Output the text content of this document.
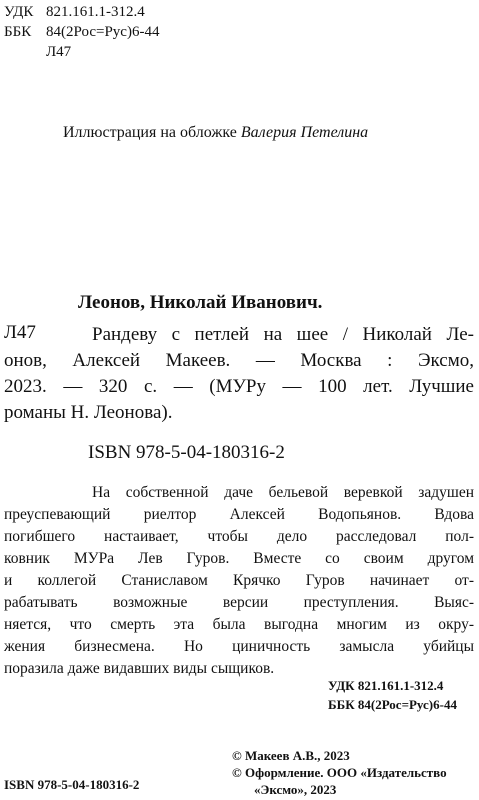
УДК 821.161.1-312.4
ББК 84(2Рос=Рус)6-44
Л47
Иллюстрация на обложке Валерия Петелина
Леонов, Николай Иванович.
Л47	Рандеву с петлей на шее / Николай Ле-
онов, Алексей Макеев. — Москва : Эксмо,
2023. — 320 с. — (МУРу — 100 лет. Лучшие
романы Н. Леонова).
ISBN 978-5-04-180316-2
На собственной даче бельевой веревкой задушен
преуспевающий риелтор Алексей Водопьянов. Вдова
погибшего настаивает, чтобы дело расследовал пол-
ковник МУРа Лев Гуров. Вместе со своим другом
и коллегой Станиславом Крячко Гуров начинает от-
рабатывать возможные версии преступления. Выяс-
няется, что смерть эта была выгодна многим из окру-
жения бизнесмена. Но циничность замысла убийцы
поразила даже видавших виды сыщиков.
УДК 821.161.1-312.4
ББК 84(2Рос=Рус)6-44
© Макеев А.В., 2023
© Оформление. ООО «Издательство
«Эксмо», 2023
ISBN 978-5-04-180316-2
